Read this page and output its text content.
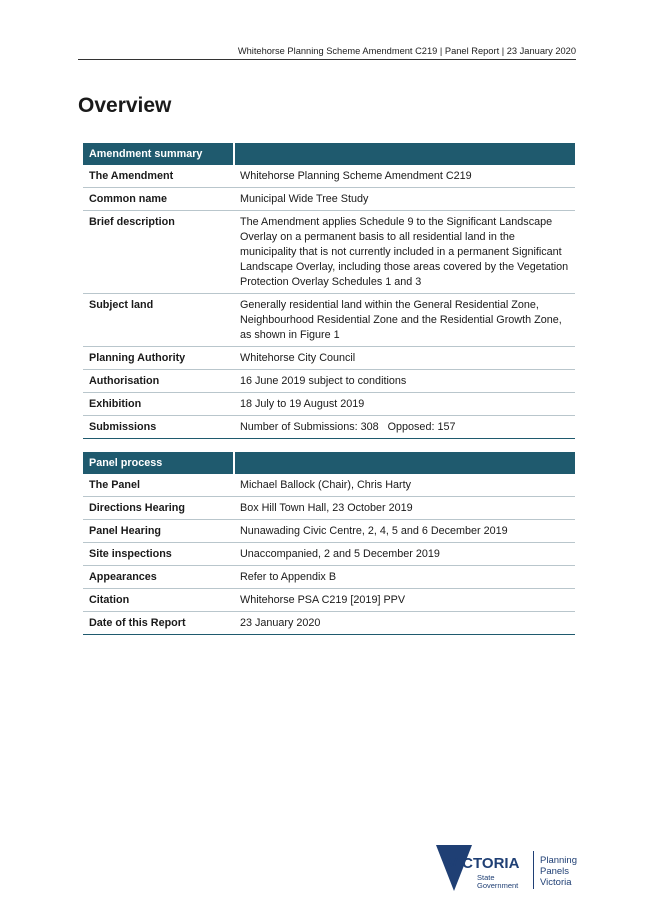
Whitehorse Planning Scheme Amendment C219 | Panel Report | 23 January 2020
Overview
Amendment summary	
The Amendment	Whitehorse Planning Scheme Amendment C219
Common name	Municipal Wide Tree Study
Brief description	The Amendment applies Schedule 9 to the Significant Landscape Overlay on a permanent basis to all residential land in the municipality that is not currently included in a permanent Significant Landscape Overlay, including those areas covered by the Vegetation Protection Overlay Schedules 1 and 3
Subject land	Generally residential land within the General Residential Zone, Neighbourhood Residential Zone and the Residential Growth Zone, as shown in Figure 1
Planning Authority	Whitehorse City Council
Authorisation	16 June 2019 subject to conditions
Exhibition	18 July to 19 August 2019
Submissions	Number of Submissions: 308   Opposed: 157
Panel process	
The Panel	Michael Ballock (Chair), Chris Harty
Directions Hearing	Box Hill Town Hall, 23 October 2019
Panel Hearing	Nunawading Civic Centre, 2, 4, 5 and 6 December 2019
Site inspections	Unaccompanied, 2 and 5 December 2019
Appearances	Refer to Appendix B
Citation	Whitehorse PSA C219 [2019] PPV
Date of this Report	23 January 2020
VICTORIA
State
Government
Planning
Panels
Victoria
